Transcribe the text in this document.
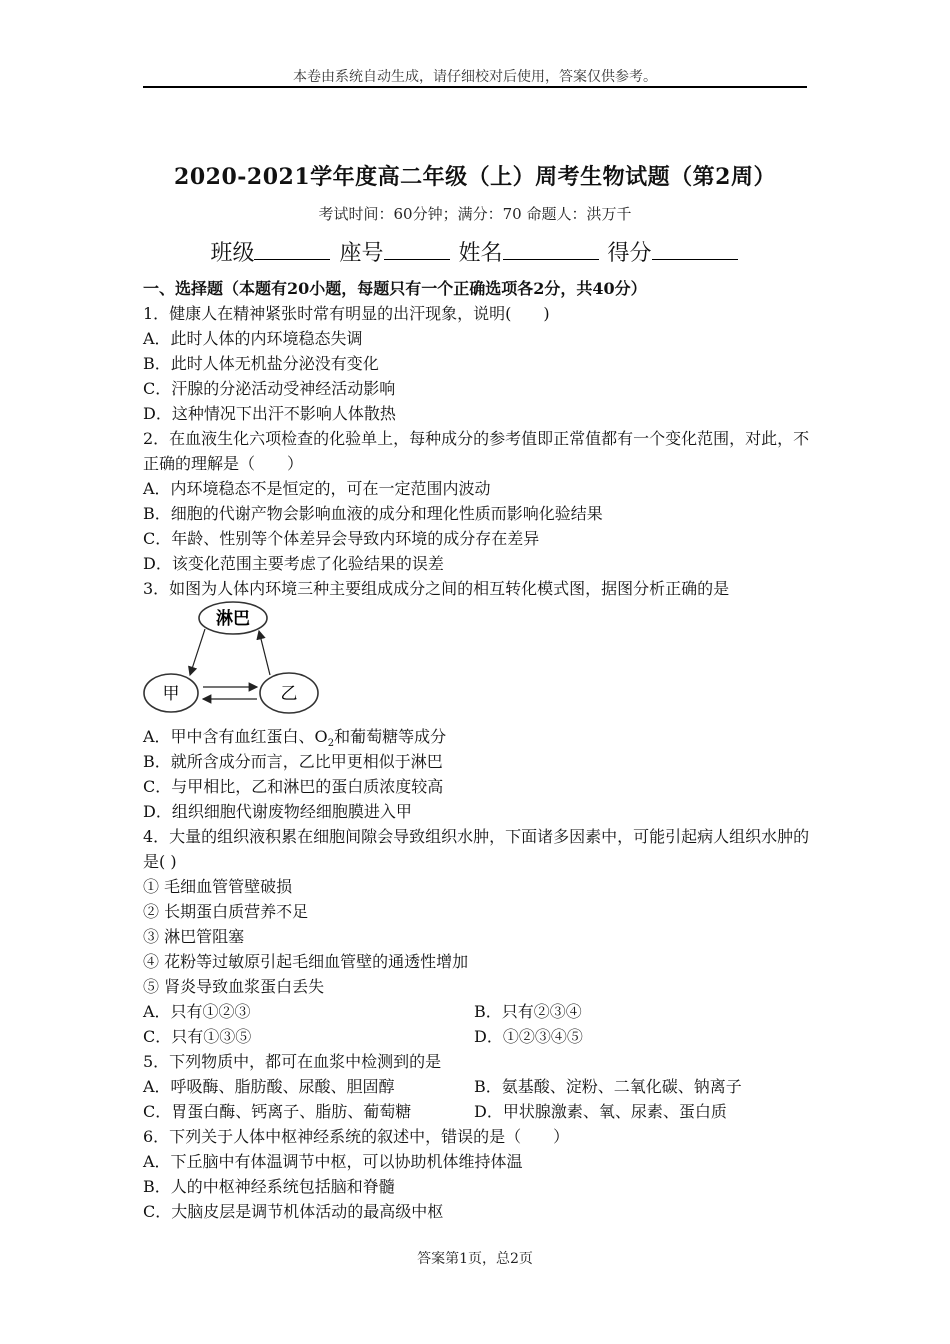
本卷由系统自动生成，请仔细校对后使用，答案仅供参考。
2020-2021学年度高二年级（上）周考生物试题（第2周）
考试时间：60分钟；满分：70 命题人：洪万千
班级	座号	姓名	得分
一、选择题（本题有20小题，每题只有一个正确选项各2分，共40分）
1．健康人在精神紧张时常有明显的出汗现象，说明(　　)
A．此时人体的内环境稳态失调
B．此时人体无机盐分泌没有变化
C．汗腺的分泌活动受神经活动影响
D．这种情况下出汗不影响人体散热
2．在血液生化六项检查的化验单上，每种成分的参考值即正常值都有一个变化范围，对此，不正确的理解是（　　）
A．内环境稳态不是恒定的，可在一定范围内波动
B．细胞的代谢产物会影响血液的成分和理化性质而影响化验结果
C．年龄、性别等个体差异会导致内环境的成分存在差异
D．该变化范围主要考虑了化验结果的误差
3．如图为人体内环境三种主要组成成分之间的相互转化模式图，据图分析正确的是
淋巴
甲	乙
A．甲中含有血红蛋白、$O_2$和葡萄糖等成分
B．就所含成分而言，乙比甲更相似于淋巴
C．与甲相比，乙和淋巴的蛋白质浓度较高
D．组织细胞代谢废物经细胞膜进入甲
4．大量的组织液积累在细胞间隙会导致组织水肿，下面诸多因素中，可能引起病人组织水肿的是( )
① 毛细血管管壁破损
② 长期蛋白质营养不足
③ 淋巴管阻塞
④ 花粉等过敏原引起毛细血管壁的通透性增加
⑤ 肾炎导致血浆蛋白丢失
A．只有①②③	B．只有②③④
C．只有①③⑤	D．①②③④⑤
5．下列物质中，都可在血浆中检测到的是
A．呼吸酶、脂肪酸、尿酸、胆固醇	B．氨基酸、淀粉、二氧化碳、钠离子
C．胃蛋白酶、钙离子、脂肪、葡萄糖	D．甲状腺激素、氧、尿素、蛋白质
6．下列关于人体中枢神经系统的叙述中，错误的是（　　）
A．下丘脑中有体温调节中枢，可以协助机体维持体温
B．人的中枢神经系统包括脑和脊髓
C．大脑皮层是调节机体活动的最高级中枢
答案第1页，总2页
